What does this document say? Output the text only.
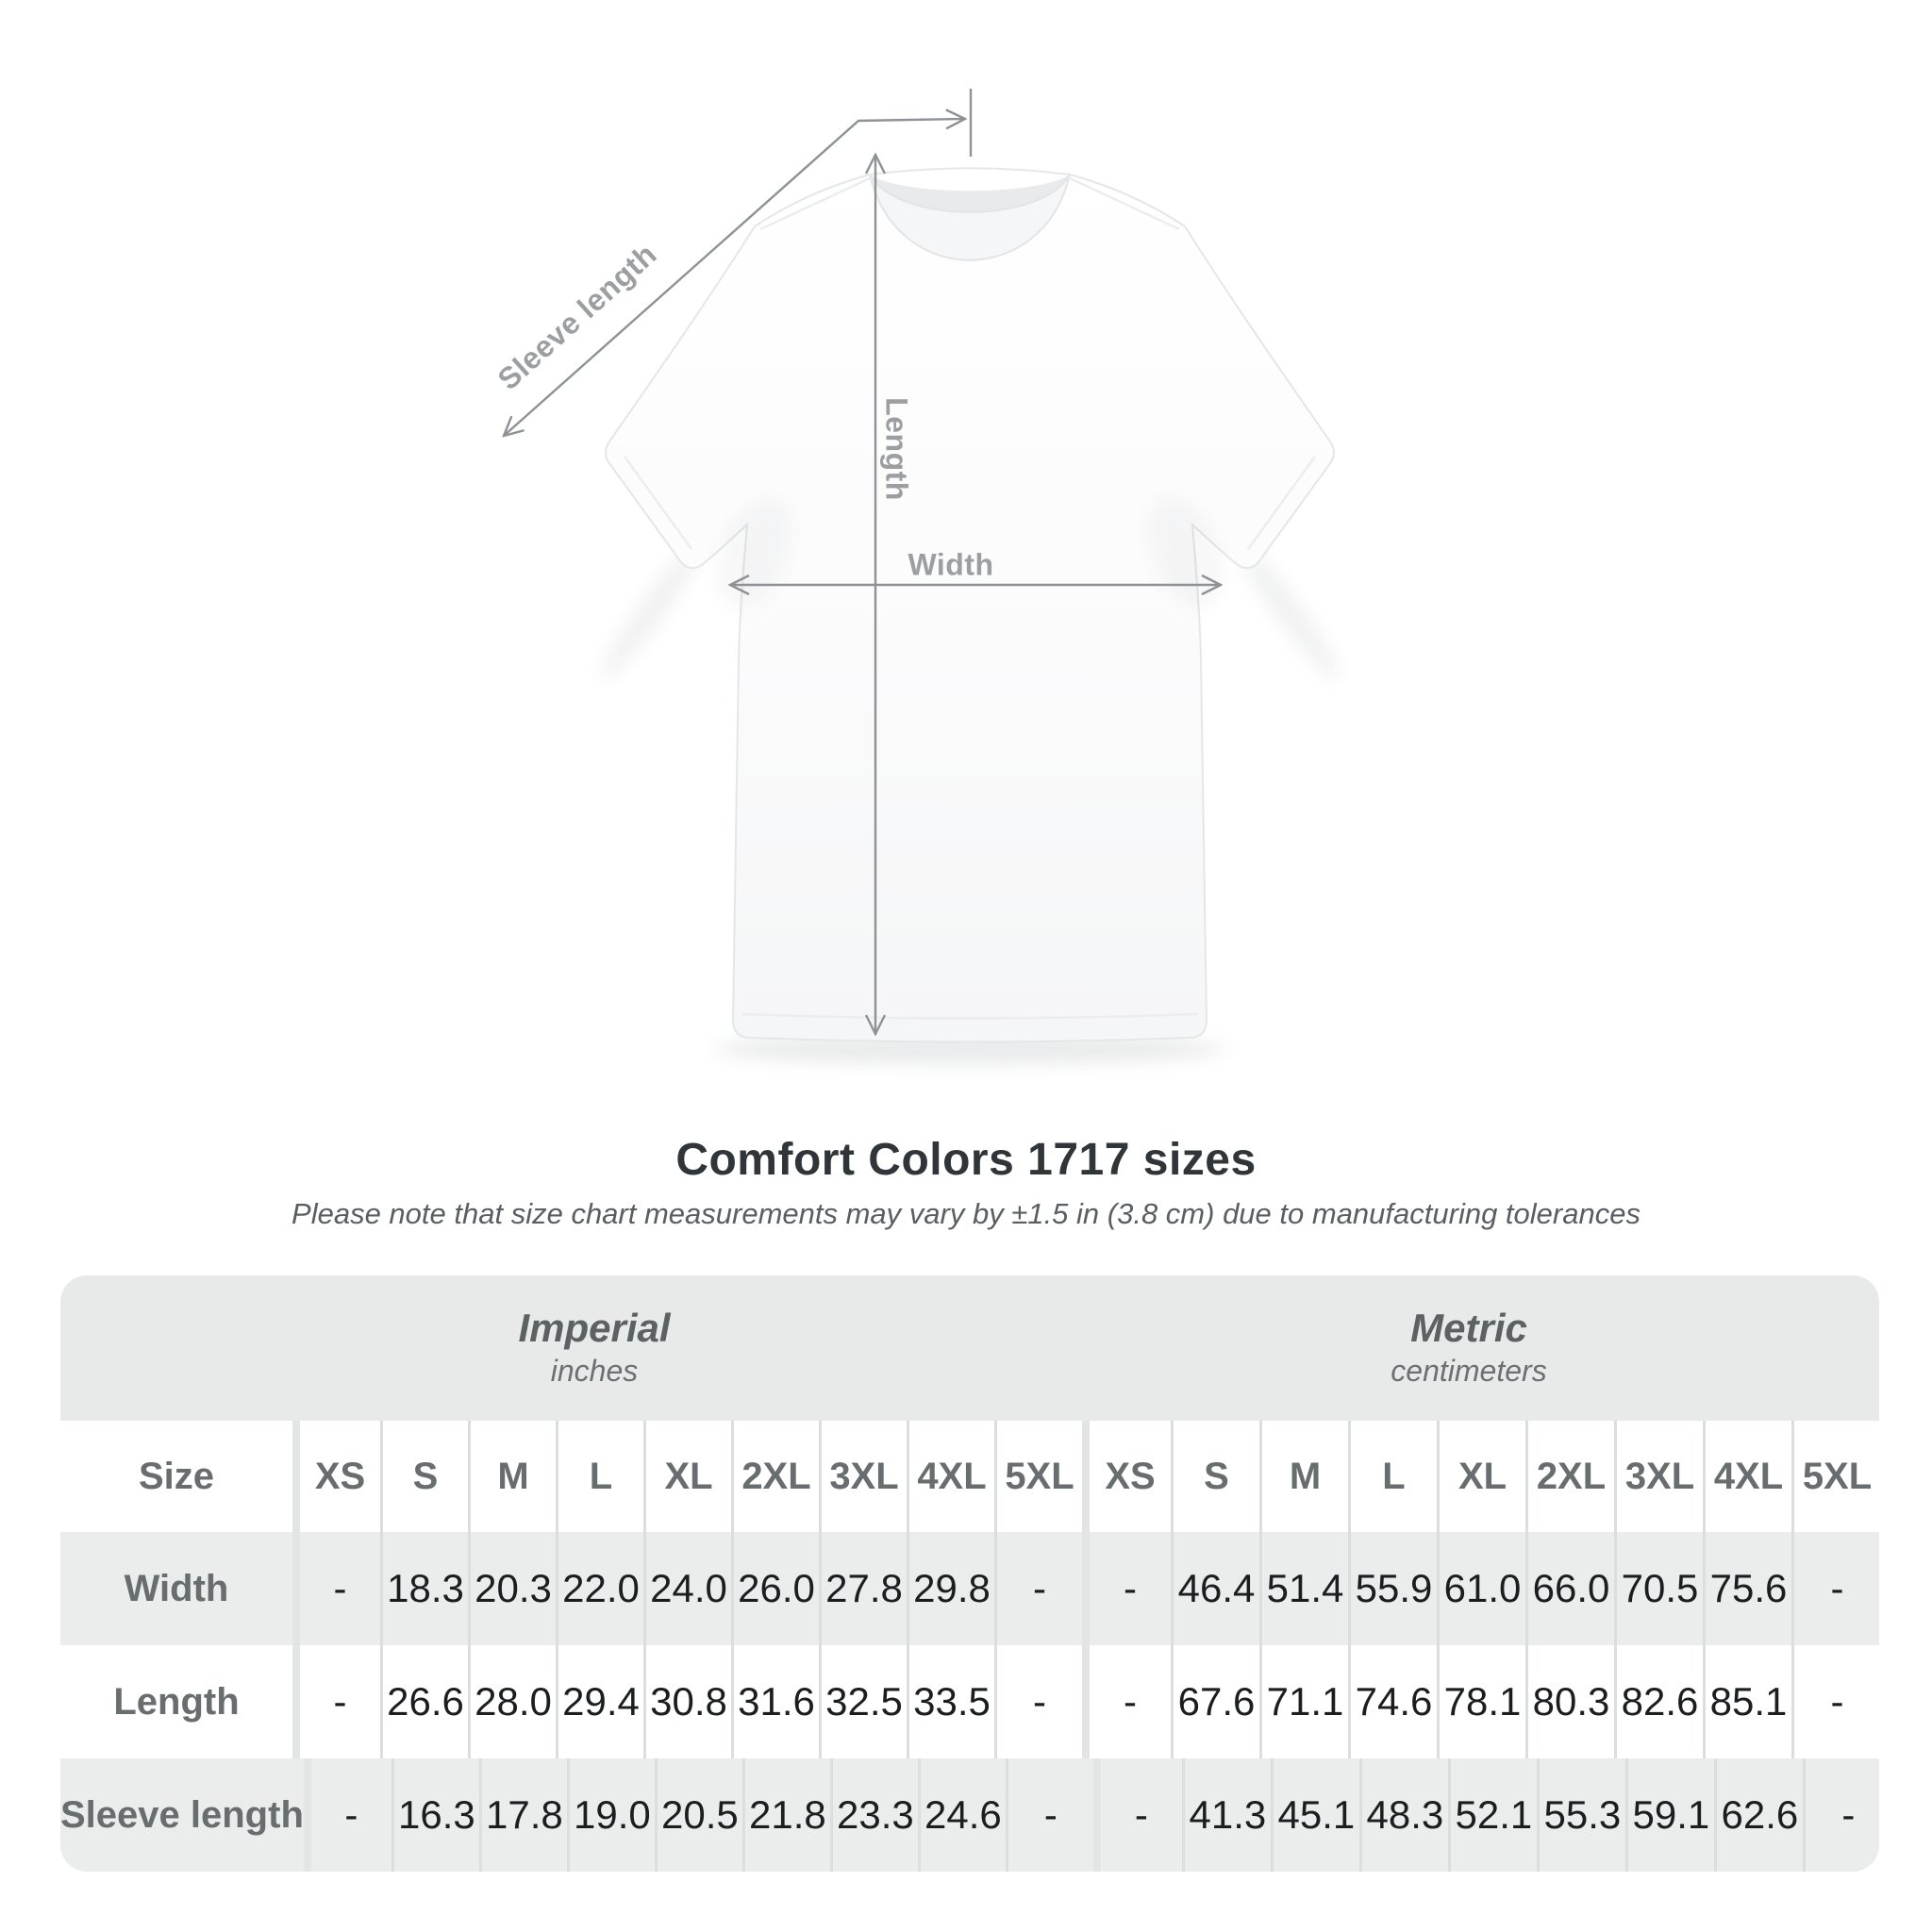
Sleeve length
Length
Width
Comfort Colors 1717 sizes
Please note that size chart measurements may vary by ±1.5 in (3.8 cm) due to manufacturing tolerances
Imperial
inches
Metric
centimeters
Size	XS	S	M	L	XL 2XL 3XL 4XL 5XL XS	S	M	L	XL 2XL 3XL 4XL 5XL
Width	-	18.3 20.3 22.0 24.0 26.0 27.8 29.8	-	-	46.4 51.4 55.9 61.0 66.0 70.5 75.6	-
Length	-	26.6 28.0 29.4 30.8 31.6 32.5 33.5	-	-	67.6 71.1 74.6 78.1 80.3 82.6 85.1	-
Sleeve length	-	16.3 17.8 19.0 20.5 21.8 23.3 24.6	-	-	41.3 45.1 48.3 52.1 55.3 59.1 62.6	-
